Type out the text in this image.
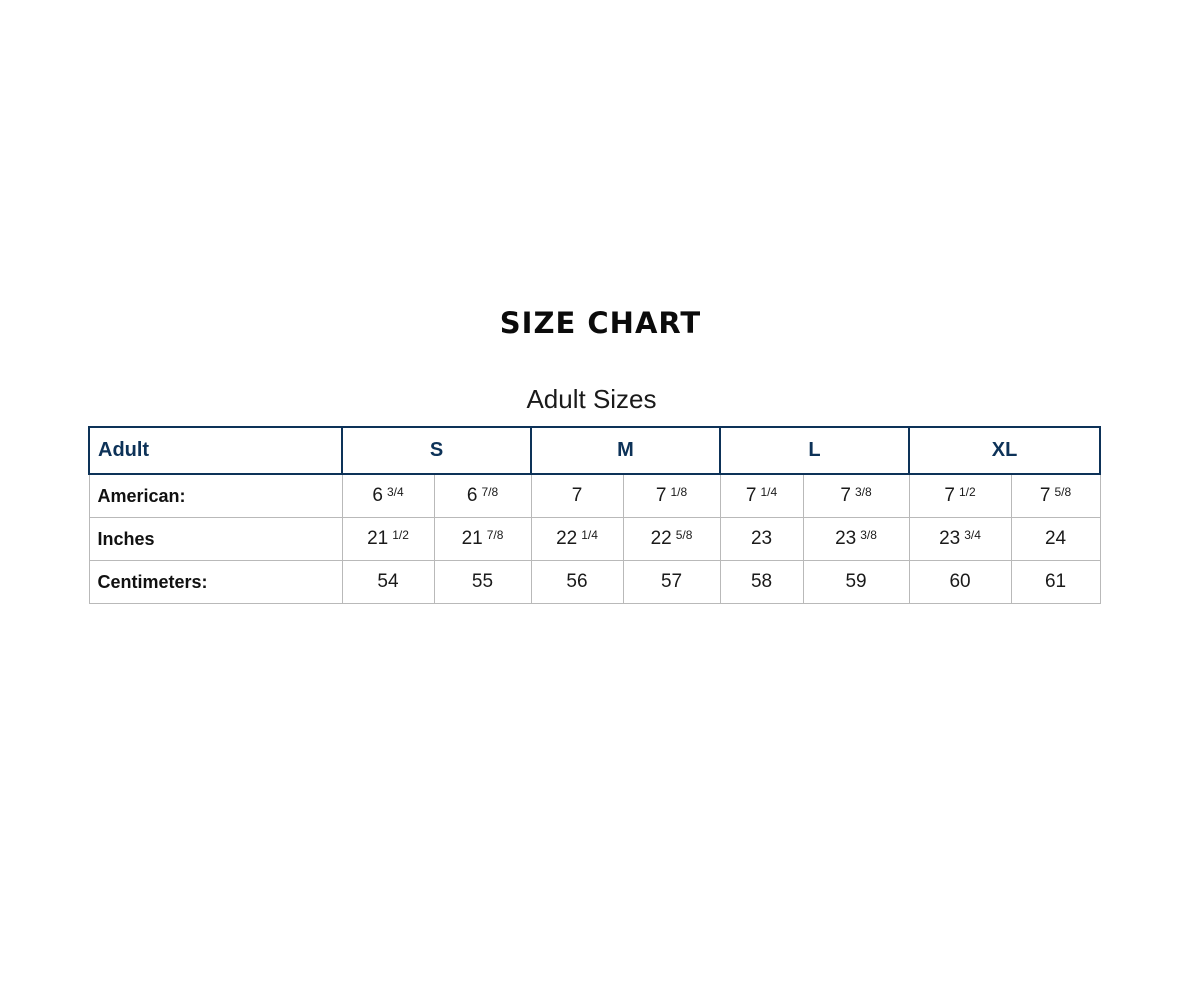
SIZE CHART
Adult Sizes
Adult	S		M		L		XL	
American:	6 $^{3/4}$	6 $^{7/8}$	7	7 $^{1/8}$	7 $^{1/4}$	7 $^{3/8}$	7 $^{1/2}$	7 $^{5/8}$
Inches	21 $^{1/2}$	21 $^{7/8}$	22 $^{1/4}$	22 $^{5/8}$	23	23 $^{3/8}$	23 $^{3/4}$	24
Centimeters:	54	55	56	57	58	59	60	61
